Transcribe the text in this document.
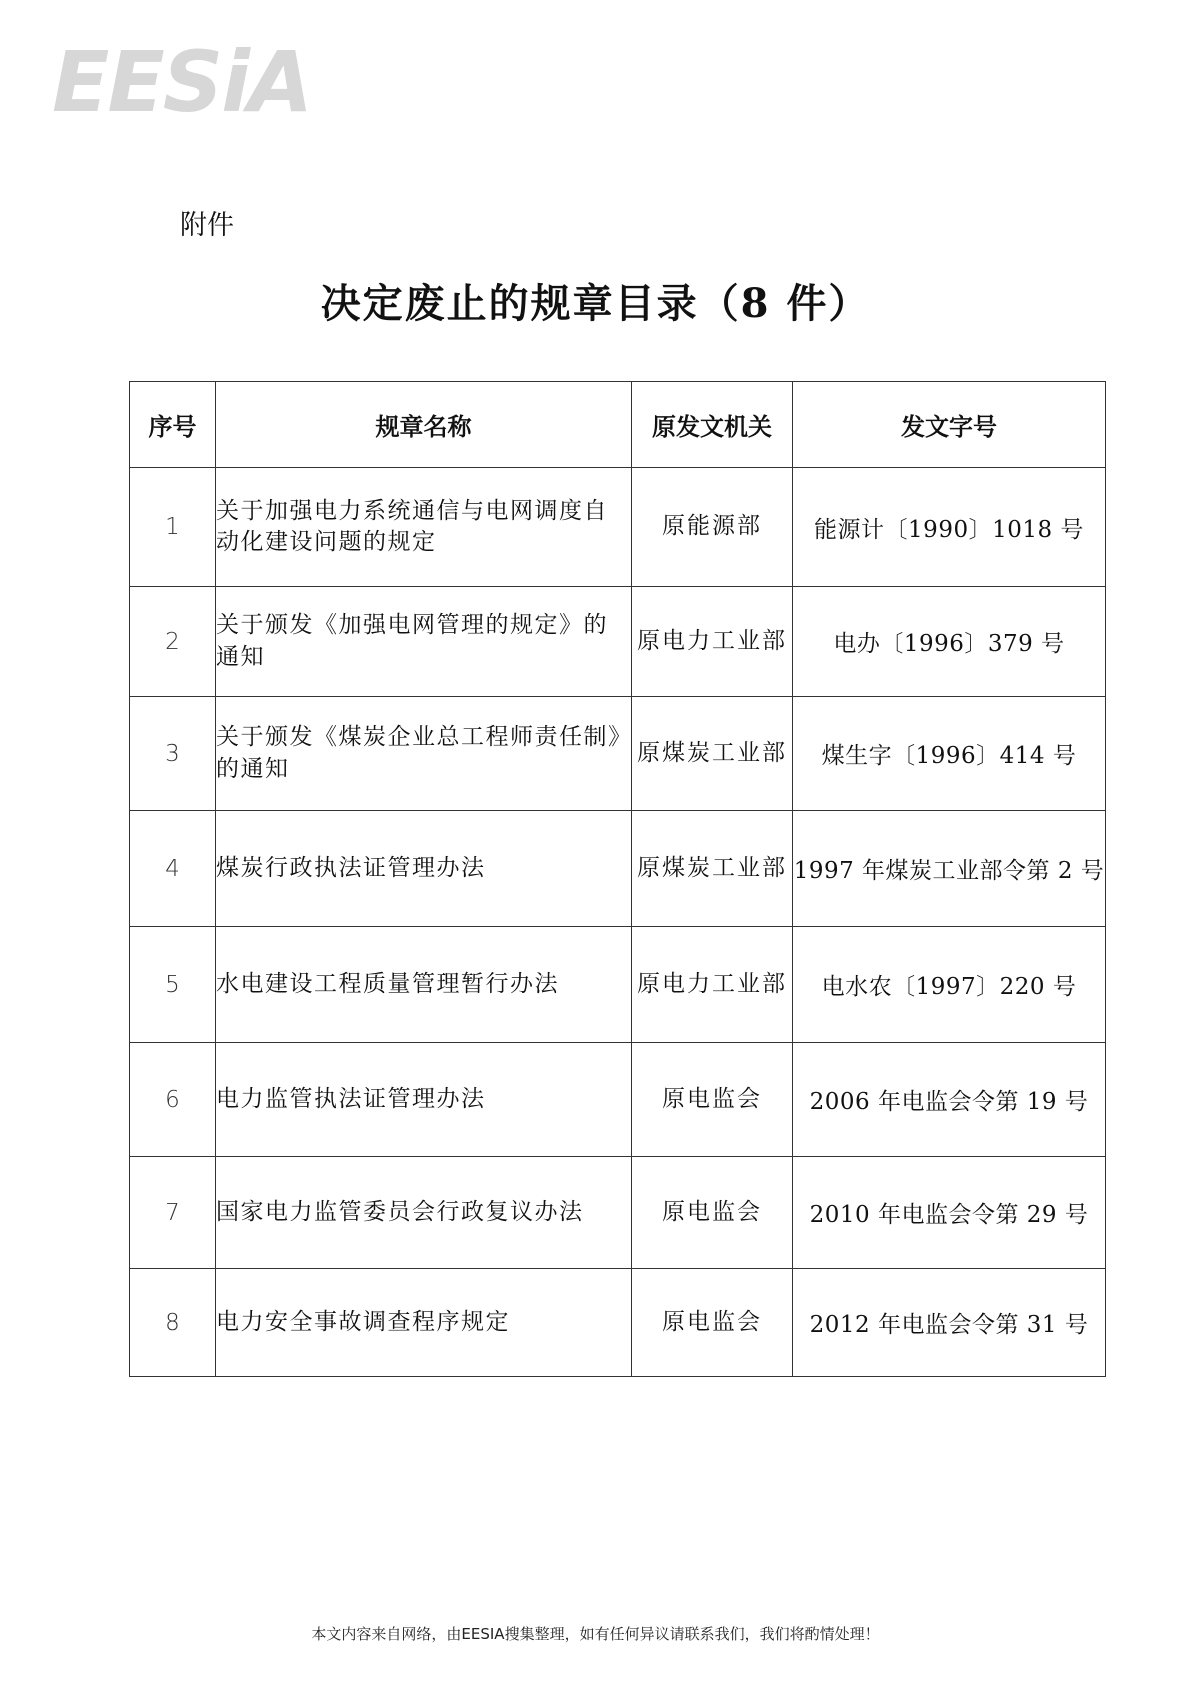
EESiA
附件
决定废止的规章目录（8 件）
序号	规章名称	原发文机关	发文字号
1	关于加强电力系统通信与电网调度自动化建设问题的规定	原能源部	能源计〔1990〕1018 号
2	关于颁发《加强电网管理的规定》的通知	原电力工业部	电办〔1996〕379 号
3	关于颁发《煤炭企业总工程师责任制》的通知	原煤炭工业部	煤生字〔1996〕414 号
4	煤炭行政执法证管理办法	原煤炭工业部	1997 年煤炭工业部令第 2 号
5	水电建设工程质量管理暂行办法	原电力工业部	电水农〔1997〕220 号
6	电力监管执法证管理办法	原电监会	2006 年电监会令第 19 号
7	国家电力监管委员会行政复议办法	原电监会	2010 年电监会令第 29 号
8	电力安全事故调查程序规定	原电监会	2012 年电监会令第 31 号
本文内容来自网络，由EESIA搜集整理，如有任何异议请联系我们，我们将酌情处理！
